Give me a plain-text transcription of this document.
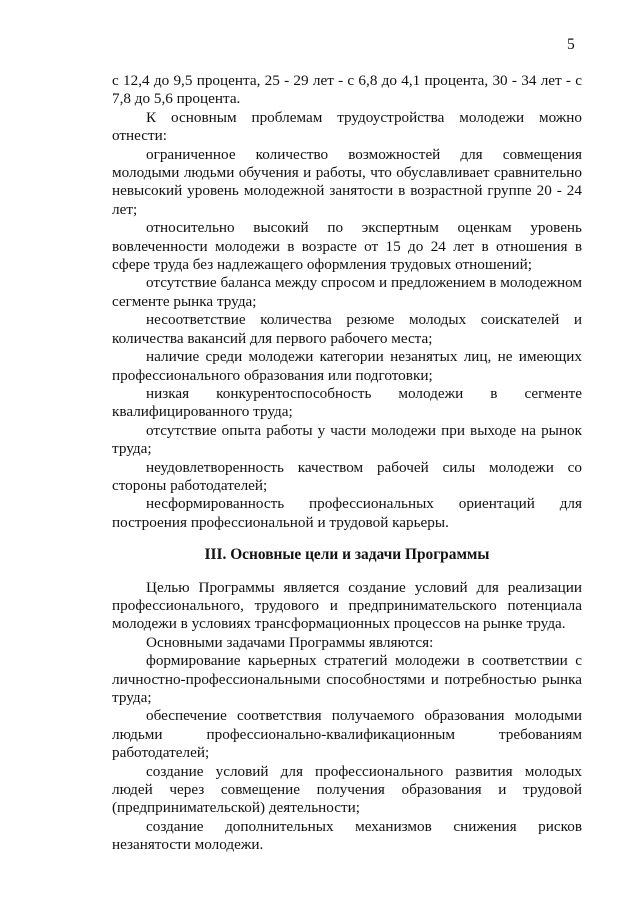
5

с 12,4 до 9,5 процента, 25 - 29 лет - с 6,8 до 4,1 процента, 30 - 34 лет - с 7,8 до 5,6 процента.

К основным проблемам трудоустройства молодежи можно отнести:

ограниченное количество возможностей для совмещения молодыми людьми обучения и работы, что обуславливает сравнительно невысокий уровень молодежной занятости в возрастной группе 20 - 24 лет;

относительно высокий по экспертным оценкам уровень вовлеченности молодежи в возрасте от 15 до 24 лет в отношения в сфере труда без надлежащего оформления трудовых отношений;

отсутствие баланса между спросом и предложением в молодежном сегменте рынка труда;

несоответствие количества резюме молодых соискателей и количества вакансий для первого рабочего места;

наличие среди молодежи категории незанятых лиц, не имеющих профессионального образования или подготовки;

низкая конкурентоспособность молодежи в сегменте квалифицированного труда;

отсутствие опыта работы у части молодежи при выходе на рынок труда;

неудовлетворенность качеством рабочей силы молодежи со стороны работодателей;

несформированность профессиональных ориентаций для построения профессиональной и трудовой карьеры.

III. Основные цели и задачи Программы

Целью Программы является создание условий для реализации профессионального, трудового и предпринимательского потенциала молодежи в условиях трансформационных процессов на рынке труда.

Основными задачами Программы являются:

формирование карьерных стратегий молодежи в соответствии с личностно-профессиональными способностями и потребностью рынка труда;

обеспечение соответствия получаемого образования молодыми людьми профессионально-квалификационным требованиям работодателей;

создание условий для профессионального развития молодых людей через совмещение получения образования и трудовой (предпринимательской) деятельности;

создание дополнительных механизмов снижения рисков незанятости молодежи.
